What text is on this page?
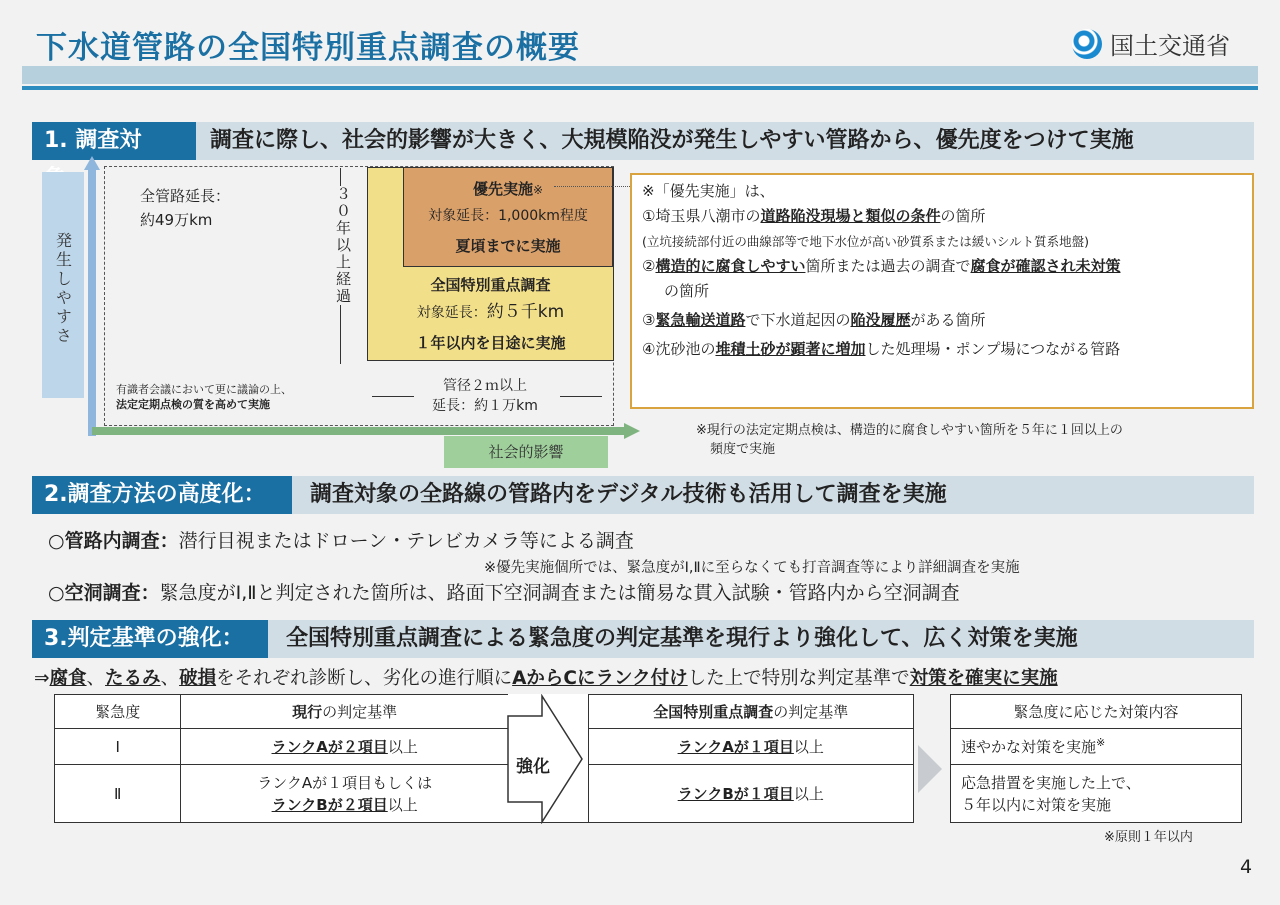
下水道管路の全国特別重点調査の概要	国土交通省
1. 調査対	調査に際し、社会的影響が大きく、大規模陥没が発生しやすい管路から、優先度をつけて実施
発生しやすさ
社会的影響
全管路延長：
約49万km	３０年以上経過	優先実施※
対象延長：1,000km程度
夏頃までに実施
全国特別重点調査
対象延長：約５千km
１年以内を目途に実施
管径２ｍ以上
延長：約１万km
有識者会議において更に議論の上、
法定定期点検の質を高めて実施
※「優先実施」は、
①埼玉県八潮市の道路陥没現場と類似の条件の箇所
(立坑接続部付近の曲線部等で地下水位が高い砂質系または緩いシルト質系地盤)
②構造的に腐食しやすい箇所または過去の調査で腐食が確認され未対策
の箇所
③緊急輸送道路で下水道起因の陥没履歴がある箇所
④沈砂池の堆積土砂が顕著に増加した処理場・ポンプ場につながる管路
※現行の法定定期点検は、構造的に腐食しやすい箇所を５年に１回以上の
頻度で実施
2.調査方法の高度化：	調査対象の全路線の管路内をデジタル技術も活用して調査を実施
○管路内調査：潜行目視またはドローン・テレビカメラ等による調査
※優先実施個所では、緊急度がⅠ,Ⅱに至らなくても打音調査等により詳細調査を実施
○空洞調査：緊急度がⅠ,Ⅱと判定された箇所は、路面下空洞調査または簡易な貫入試験・管路内から空洞調査
3.判定基準の強化：	全国特別重点調査による緊急度の判定基準を現行より強化して、広く対策を実施
⇒腐食、たるみ、破損をそれぞれ診断し、劣化の進行順にAからCにランク付けした上で特別な判定基準で対策を確実に実施
緊急度	現行の判定基準		全国特別重点調査の判定基準
Ⅰ	ランクAが２項目以上		ランクAが１項目以上
Ⅱ	ランクAが１項目もしくは
ランクBが２項目以上		ランクBが１項目以上
強化
緊急度に応じた対策内容
速やかな対策を実施※

応急措置を実施した上で、
５年以内に対策を実施
※原則１年以内
4
